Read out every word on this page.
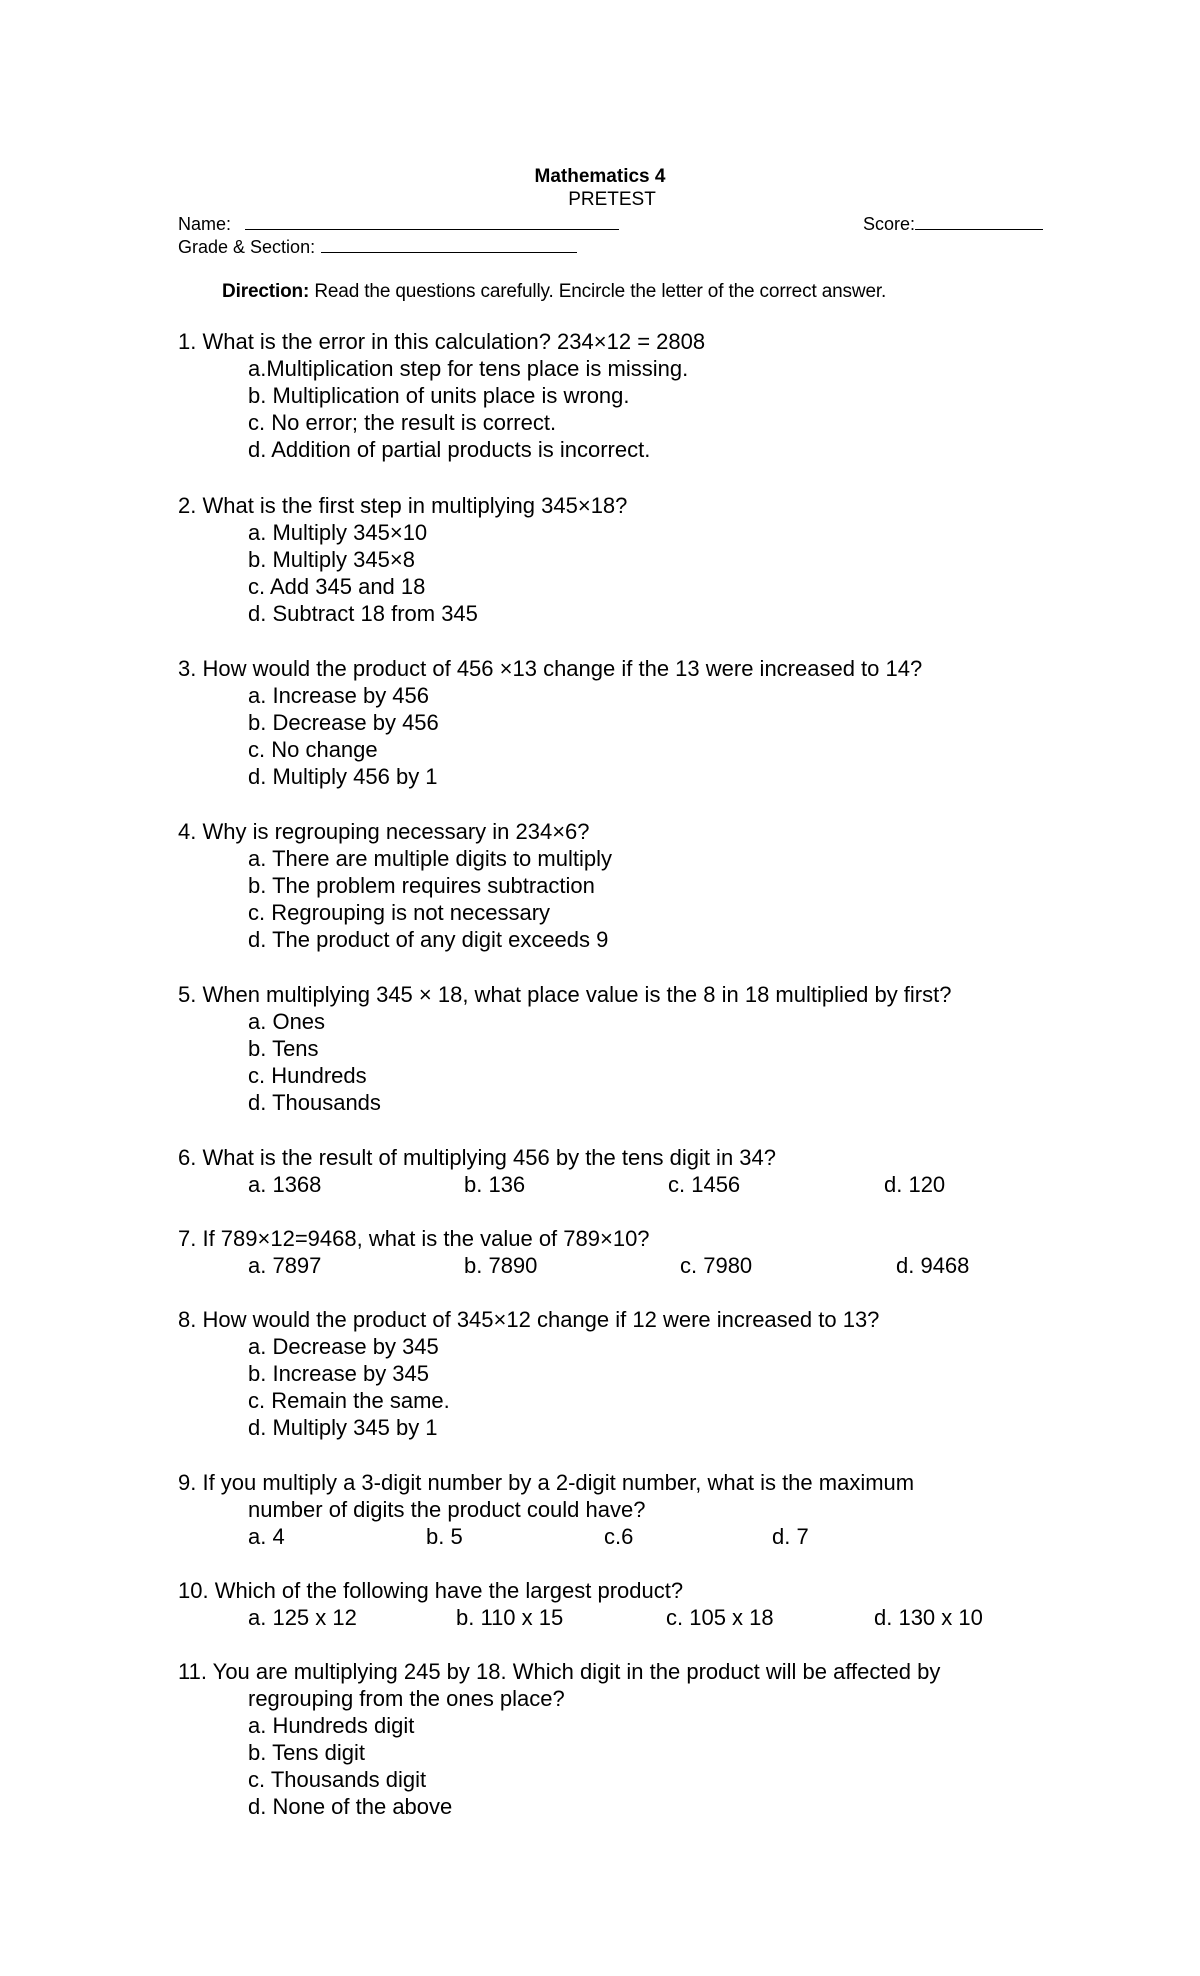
Mathematics 4
PRETEST
Name:	Score:
Grade & Section:
Direction: Read the questions carefully. Encircle the letter of the correct answer.
1. What is the error in this calculation? 234×12 = 2808
a.Multiplication step for tens place is missing.
b. Multiplication of units place is wrong.
c. No error; the result is correct.
d. Addition of partial products is incorrect.
2. What is the first step in multiplying 345×18?
a. Multiply 345×10
b. Multiply 345×8
c. Add 345 and 18
d. Subtract 18 from 345
3. How would the product of 456 ×13 change if the 13 were increased to 14?
a. Increase by 456
b. Decrease by 456
c. No change
d. Multiply 456 by 1
4. Why is regrouping necessary in 234×6?
a. There are multiple digits to multiply
b. The problem requires subtraction
c. Regrouping is not necessary
d. The product of any digit exceeds 9
5. When multiplying 345 × 18, what place value is the 8 in 18 multiplied by first?
a. Ones
b. Tens
c. Hundreds
d. Thousands
6. What is the result of multiplying 456 by the tens digit in 34?
a. 1368	b. 136	c. 1456	d. 120
7. If 789×12=9468, what is the value of 789×10?
a. 7897	b. 7890	c. 7980	d. 9468
8. How would the product of 345×12 change if 12 were increased to 13?
a. Decrease by 345
b. Increase by 345
c. Remain the same.
d. Multiply 345 by 1
9. If you multiply a 3-digit number by a 2-digit number, what is the maximum
number of digits the product could have?
a. 4	b. 5	c.6	d. 7
10. Which of the following have the largest product?
a. 125 x 12	b. 110 x 15	c. 105 x 18	d. 130 x 10
11. You are multiplying 245 by 18. Which digit in the product will be affected by
regrouping from the ones place?
a. Hundreds digit
b. Tens digit
c. Thousands digit
d. None of the above
